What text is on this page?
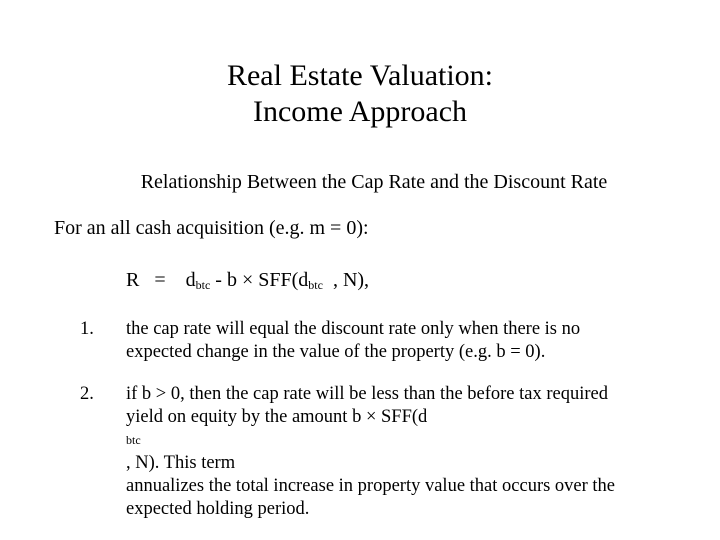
Real Estate Valuation:
Income Approach
Relationship Between the Cap Rate and the Discount Rate
For an all cash acquisition (e.g. m = 0):
$R = d_{btc} - b \times SFF(d_{btc}$ , N),
1.	the cap rate will equal the discount rate only when there is no
expected change in the value of the property (e.g. b = 0).
2.	if b > 0, then the cap rate will be less than the before tax required
yield on equity by the amount b × SFF(d
btc
, N). This term
annualizes the total increase in property value that occurs over the
expected holding period.
